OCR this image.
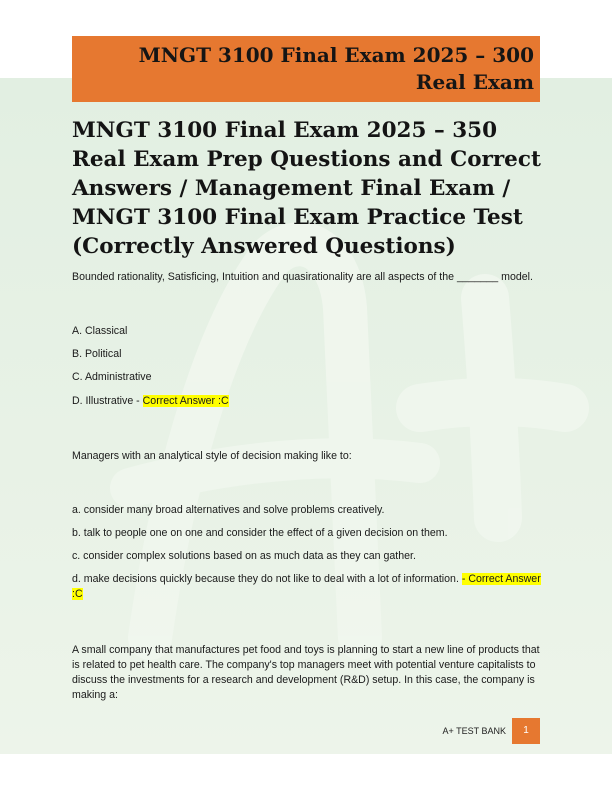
MNGT 3100 Final Exam 2025 – 300 Real Exam

MNGT 3100 Final Exam 2025 – 350 Real Exam Prep Questions and Correct Answers / Management Final Exam / MNGT 3100 Final Exam Practice Test (Correctly Answered Questions)

Bounded rationality, Satisficing, Intuition and quasirationality are all aspects of the _______ model.

A. Classical

B. Political

C. Administrative

D. Illustrative - Correct Answer :C

Managers with an analytical style of decision making like to:

a. consider many broad alternatives and solve problems creatively.

b. talk to people one on one and consider the effect of a given decision on them.

c. consider complex solutions based on as much data as they can gather.

d. make decisions quickly because they do not like to deal with a lot of information. - Correct Answer :C

A small company that manufactures pet food and toys is planning to start a new line of products that is related to pet health care. The company's top managers meet with potential venture capitalists to discuss the investments for a research and development (R&D) setup. In this case, the company is making a:

A+ TEST BANK	1
